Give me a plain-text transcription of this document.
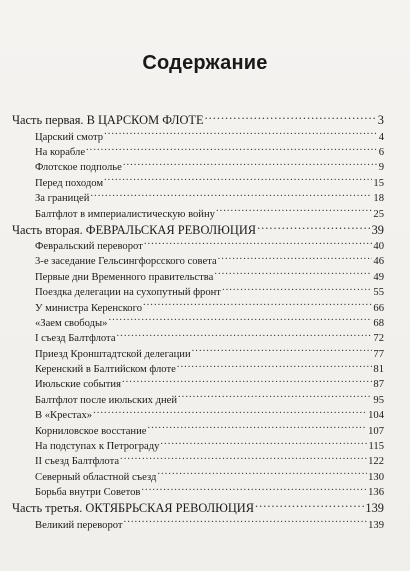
Содержание
Часть первая. В ЦАРСКОМ ФЛОТЕ .....	3
Царский смотр .....	4
На корабле .....	6
Флотское подполье .....	9
Перед походом .....	15
За границей .....	18
Балтфлот в империалистическую войну .....	25
Часть вторая. ФЕВРАЛЬСКАЯ РЕВОЛЮЦИЯ .....	39
Февральский переворот .....	40
3-е заседание Гельсингфорсского совета .....	46
Первые дни Временного правительства .....	49
Поездка делегации на сухопутный фронт .....	55
У министра Керенского .....	66
«Заем свободы» .....	68
I съезд Балтфлота .....	72
Приезд Кронштадтской делегации .....	77
Керенский в Балтийском флоте .....	81
Июльские события .....	87
Балтфлот после июльских дней .....	95
В «Крестах» .....	104
Корниловское восстание .....	107
На подступах к Петрограду .....	115
II съезд Балтфлота .....	122
Северный областной съезд .....	130
Борьба внутри Советов .....	136
Часть третья. ОКТЯБРЬСКАЯ РЕВОЛЮЦИЯ .....	139
Великий переворот .....	139
